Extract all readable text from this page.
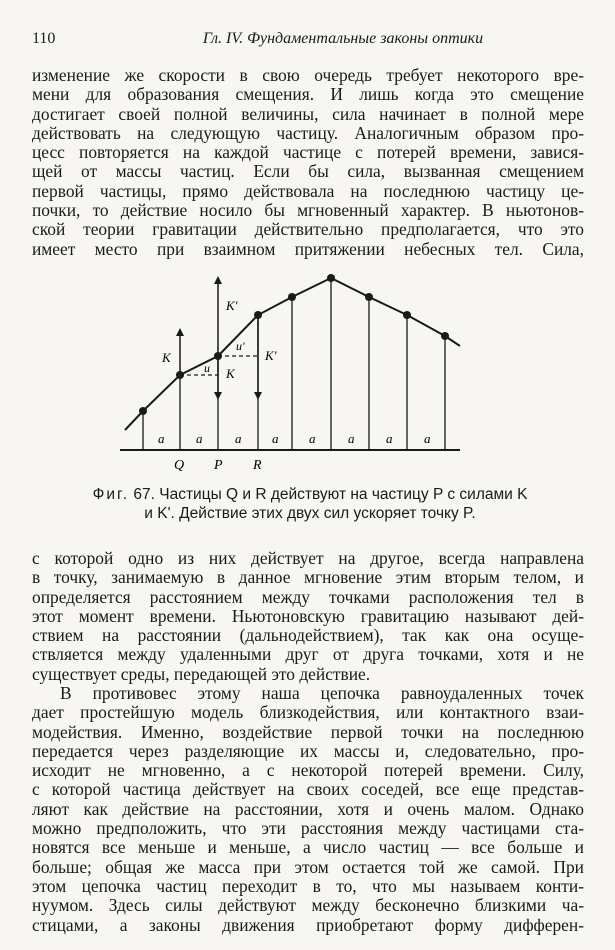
110	Гл. IV. Фундаментальные законы оптики
изменение же скорости в свою очередь требует некоторого вре-
мени для образования смещения. И лишь когда это смещение
достигает своей полной величины, сила начинает в полной мере
действовать на следующую частицу. Аналогичным образом про-
цесс повторяется на каждой частице с потерей времени, завися-
щей от массы частиц. Если бы сила, вызванная смещением
первой частицы, прямо действовала на последнюю частицу це-
почки, то действие носило бы мгновенный характер. В ньютонов-
ской теории гравитации действительно предполагается, что это
имеет место при взаимном притяжении небесных тел. Сила,
K
K'
u
u'
K'
K
a a	a a a	a a a
Q P R
Фиг. 67. Частицы Q и R действуют на частицу P с силами K
и K'. Действие этих двух сил ускоряет точку P.
с которой одно из них действует на другое, всегда направлена
в точку, занимаемую в данное мгновение этим вторым телом, и
определяется расстоянием между точками расположения тел в
этот момент времени. Ньютоновскую гравитацию называют дей-
ствием на расстоянии (дальнодействием), так как она осуще-
ствляется между удаленными друг от друга точками, хотя и не
существует среды, передающей это действие.
В противовес этому наша цепочка равноудаленных точек
дает простейшую модель близкодействия, или контактного взаи-
модействия. Именно, воздействие первой точки на последнюю
передается через разделяющие их массы и, следовательно, про-
исходит не мгновенно, а с некоторой потерей времени. Силу,
с которой частица действует на своих соседей, все еще представ-
ляют как действие на расстоянии, хотя и очень малом. Однако
можно предположить, что эти расстояния между частицами ста-
новятся все меньше и меньше, а число частиц — все больше и
больше; общая же масса при этом остается той же самой. При
этом цепочка частиц переходит в то, что мы называем конти-
нуумом. Здесь силы действуют между бесконечно близкими ча-
стицами, а законы движения приобретают форму дифферен-
